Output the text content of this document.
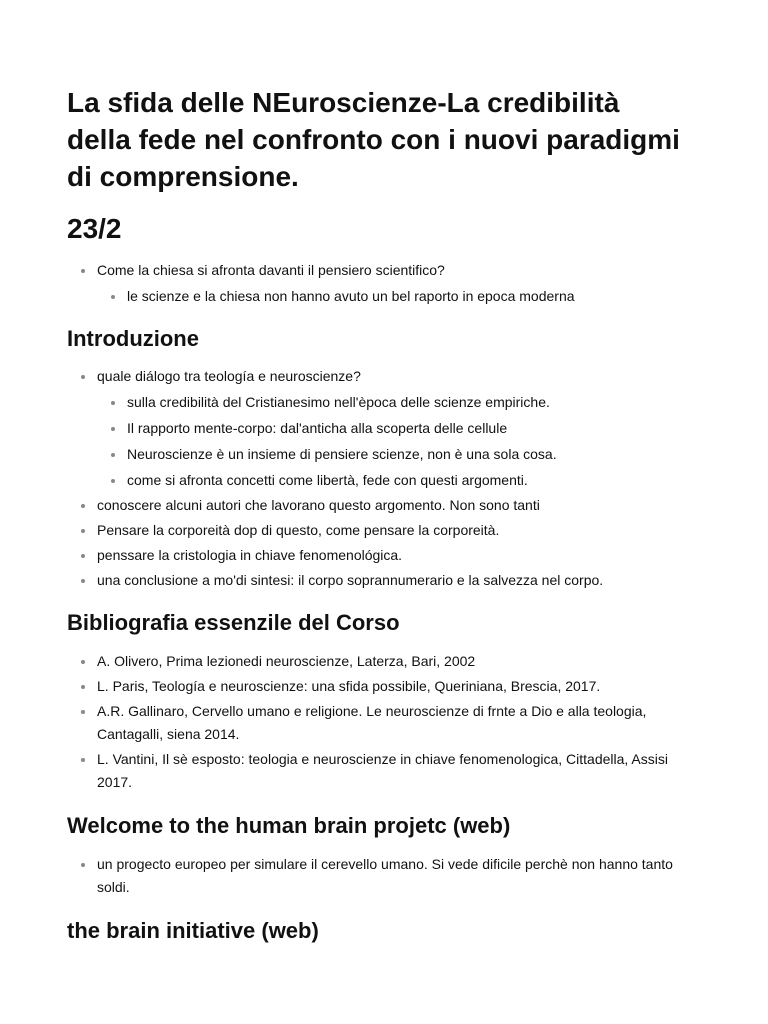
La sfida delle NEuroscienze-La credibilità della fede nel confronto con i nuovi paradigmi di comprensione.
23/2
Come la chiesa si afronta davanti il pensiero scientifico?
le scienze e la chiesa non hanno avuto un bel raporto in epoca moderna
Introduzione
quale diálogo tra teología e neuroscienze?
sulla credibilità del Cristianesimo nell'època delle scienze empiriche.
Il rapporto mente-corpo: dal'anticha alla scoperta delle cellule
Neuroscienze è un insieme di pensiere scienze, non è una sola cosa.
come si afronta concetti come libertà, fede con questi argomenti.
conoscere alcuni autori che lavorano questo argomento. Non sono tanti
Pensare la corporeità dop di questo, come pensare la corporeità.
penssare la cristologia in chiave fenomenológica.
una conclusione a mo'di sintesi: il corpo soprannumerario e la salvezza nel corpo.
Bibliografia essenzile del Corso
A. Olivero, Prima lezionedi neuroscienze, Laterza, Bari, 2002
L. Paris, Teología e neuroscienze: una sfida possibile, Queriniana, Brescia, 2017.
A.R. Gallinaro, Cervello umano e religione. Le neuroscienze di frnte a Dio e alla teologia, Cantagalli, siena 2014.
L. Vantini, Il sè esposto: teologia e neuroscienze in chiave fenomenologica, Cittadella, Assisi 2017.
Welcome to the human brain projetc (web)
un progecto europeo per simulare il cerevello umano. Si vede dificile perchè non hanno tanto soldi.
the brain initiative (web)
